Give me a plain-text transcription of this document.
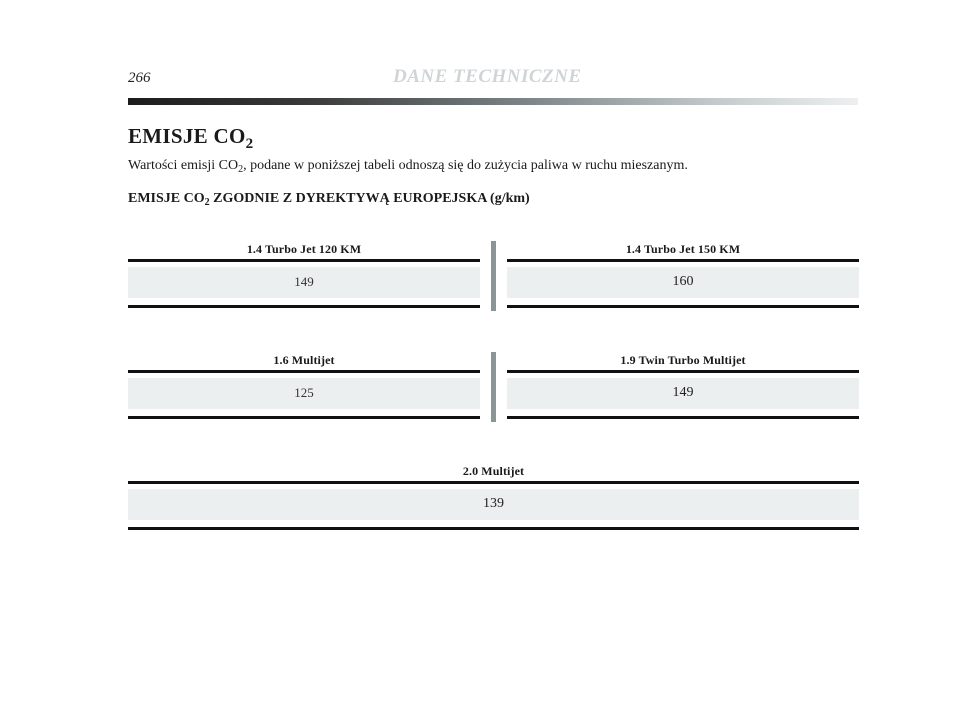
266	DANE TECHNICZNE
EMISJE $CO_2$
Wartości emisji $CO_2$, podane w poniższej tabeli odnoszą się do zużycia paliwa w ruchu mieszanym.
EMISJE $CO_2$ ZGODNIE Z DYREKTYWĄ EUROPEJSKA (g/km)
1.4 Turbo Jet 120 KM
149
1.4 Turbo Jet 150 KM
160
1.6 Multijet
125
1.9 Twin Turbo Multijet
149
2.0 Multijet
139
